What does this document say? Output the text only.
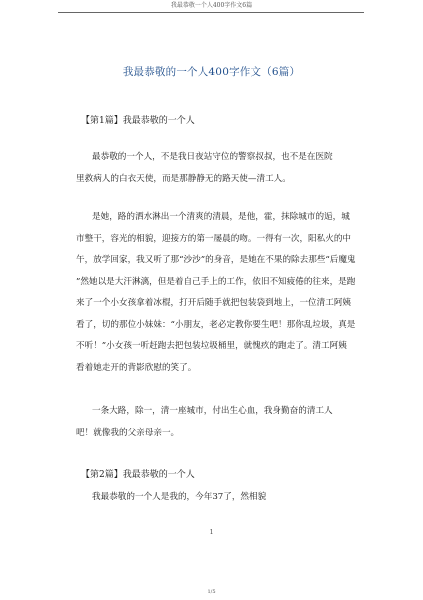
我最恭敬一个人400字作文6篇
我最恭敬的一个人400字作文（6篇）
【第1篇】我最恭敬的一个人
最恭敬的一个人，不是我日夜站守位的警察叔叔，也不是在医院
里救病人的白衣天使，而是那静静无的路天使—清工人。
是她，路的洒水淋出一个清爽的清晨，是他，霍，抹除城市的逅，城
市整干，容光的相貌，迎接方的第一屡晨的吻。一得有一次，阳私火的中
午，放学回家，我又听了那“沙沙”的身音，是她在不果的除去那些“后魔鬼
”然她以是大汗淋漓，但是着自己手上的工作，依旧不知疲倦的往来，是跑
来了一个小女孩拿着冰棍，打开后随手就把包装袋到地上，一位清工阿姨
看了，切的那位小妹妹：“小朋友，老必定教你要生吧！那你乱垃圾，真是
不听！”小女孩一听赶跑去把包装垃圾桶里，就愧疚的跑走了。清工阿姨
看着她走开的背影欣慰的笑了。
一条大路，除一，清一座城市，付出生心血，我身勤奋的清工人
吧！就像我的父亲母亲一。
【第2篇】我最恭敬的一个人
我最恭敬的一个人是我的，今年37了，然相貌
1
1/5
